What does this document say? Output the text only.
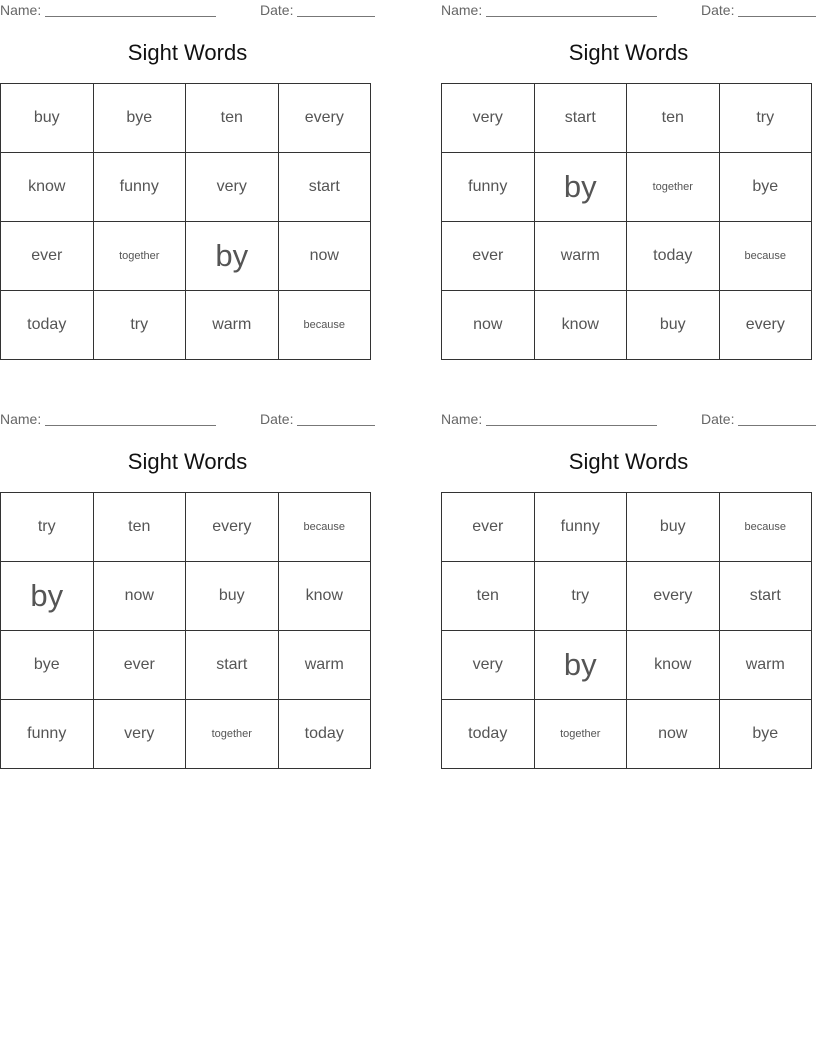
Name:	Date:
Sight Words
buy	bye	ten	every
know	funny	very	start
ever	together	by	now
today	try	warm	because
Name:	Date:
Sight Words
very	start	ten	try
funny	by	together	bye
ever	warm	today	because
now	know	buy	every
Name:	Date:
Sight Words
try	ten	every	because
by	now	buy	know
bye	ever	start	warm
funny	very	together	today
Name:	Date:
Sight Words
ever	funny	buy	because
ten	try	every	start
very	by	know	warm
today	together	now	bye
